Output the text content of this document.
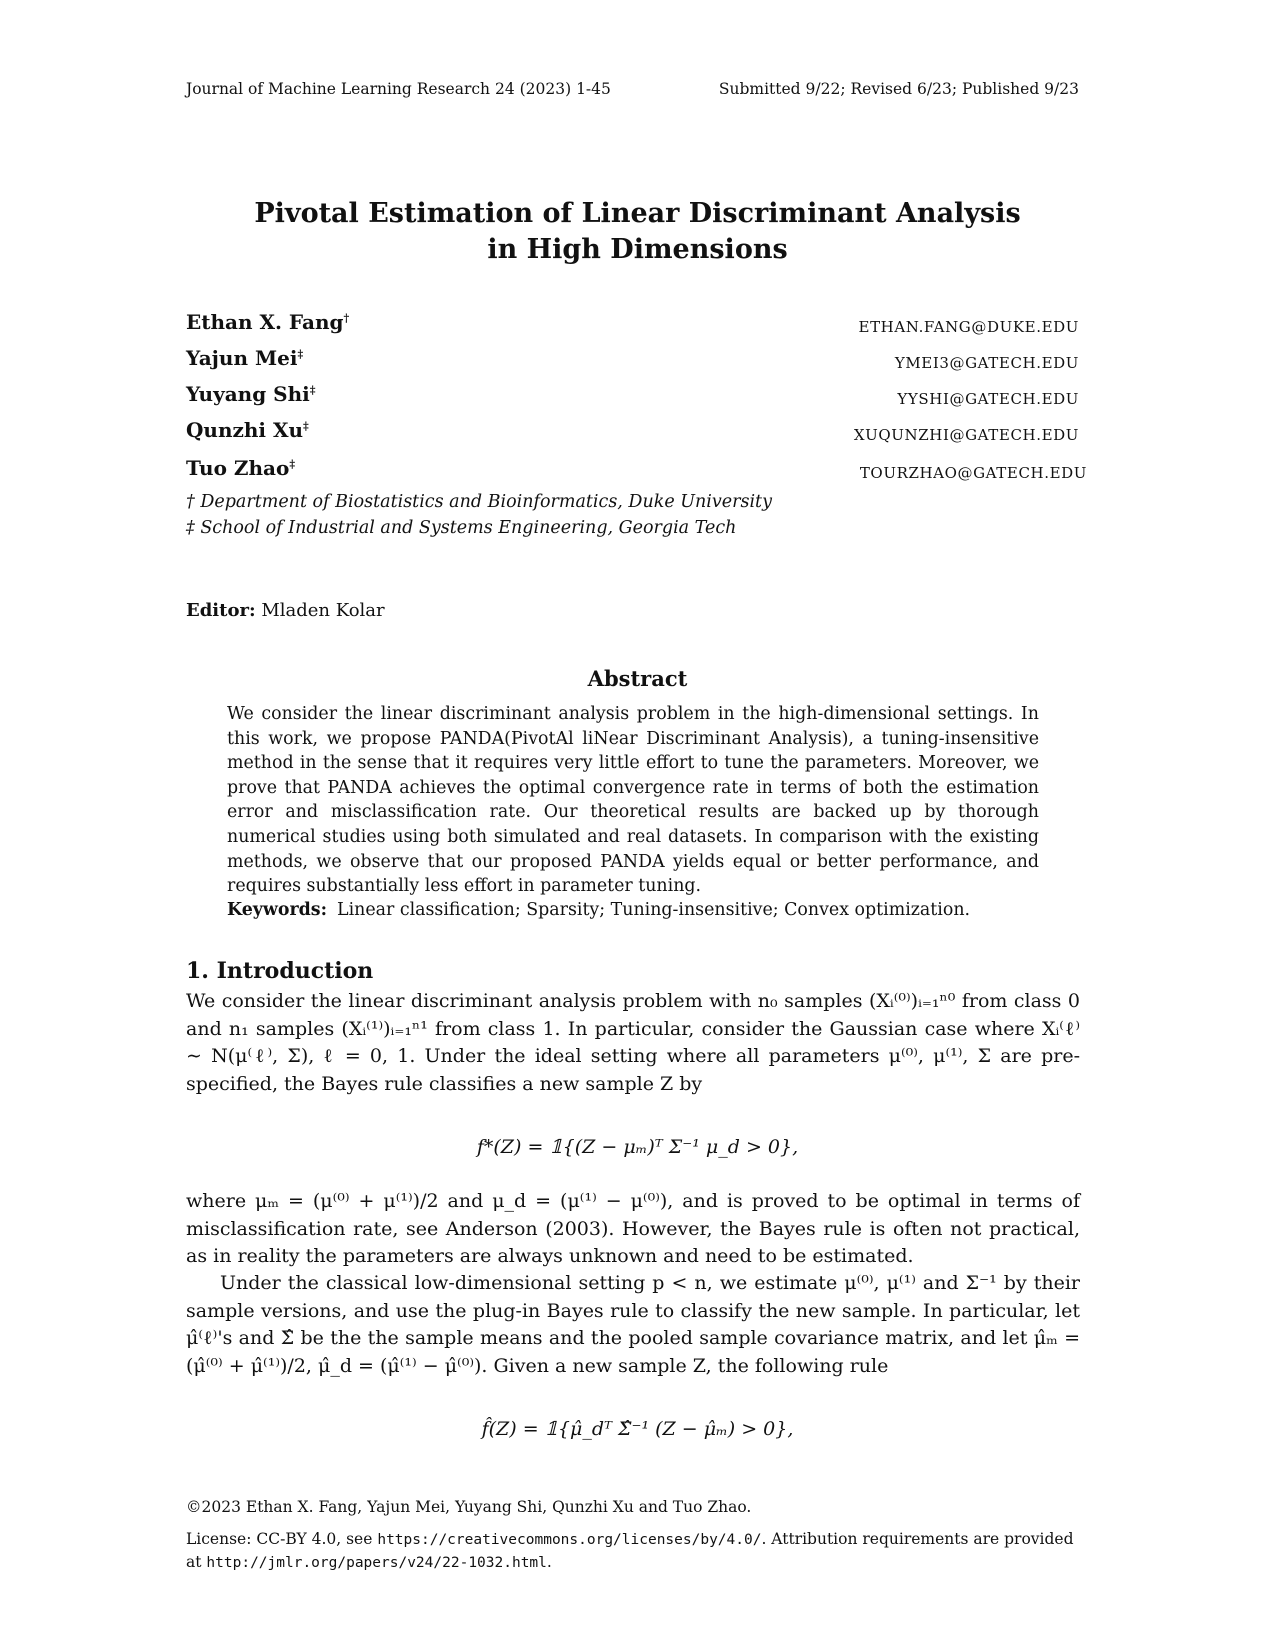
Journal of Machine Learning Research 24 (2023) 1-45	Submitted 9/22; Revised 6/23; Published 9/23
Pivotal Estimation of Linear Discriminant Analysis
in High Dimensions
Ethan X. Fang†
ETHAN.FANG@DUKE.EDU
Yajun Mei‡
YMEI3@GATECH.EDU
Yuyang Shi‡
YYSHI@GATECH.EDU
Qunzhi Xu‡
XUQUNZHI@GATECH.EDU
Tuo Zhao‡
TOURZHAO@GATECH.EDU
† Department of Biostatistics and Bioinformatics, Duke University
‡ School of Industrial and Systems Engineering, Georgia Tech
Editor: Mladen Kolar
Abstract
We consider the linear discriminant analysis problem in the high-dimensional settings. In this work, we propose PANDA(PivotAl liNear Discriminant Analysis), a tuning-insensitive method in the sense that it requires very little effort to tune the parameters. Moreover, we prove that PANDA achieves the optimal convergence rate in terms of both the estimation error and misclassification rate. Our theoretical results are backed up by thorough numerical studies using both simulated and real datasets. In comparison with the existing methods, we observe that our proposed PANDA yields equal or better performance, and requires substantially less effort in parameter tuning.
Keywords: Linear classification; Sparsity; Tuning-insensitive; Convex optimization.
1. Introduction
We consider the linear discriminant analysis problem with n₀ samples (Xᵢ⁽⁰⁾)ᵢ₌₁ⁿ⁰ from class 0 and n₁ samples (Xᵢ⁽¹⁾)ᵢ₌₁ⁿ¹ from class 1. In particular, consider the Gaussian case where Xᵢ⁽ℓ⁾ ∼ N(μ⁽ℓ⁾, Σ), ℓ = 0, 1. Under the ideal setting where all parameters μ⁽⁰⁾, μ⁽¹⁾, Σ are pre-specified, the Bayes rule classifies a new sample Z by
f*(Z) = 𝟙{(Z − μₘ)ᵀ Σ⁻¹ μ_d > 0},
where μₘ = (μ⁽⁰⁾ + μ⁽¹⁾)/2 and μ_d = (μ⁽¹⁾ − μ⁽⁰⁾), and is proved to be optimal in terms of misclassification rate, see Anderson (2003). However, the Bayes rule is often not practical, as in reality the parameters are always unknown and need to be estimated.
Under the classical low-dimensional setting p < n, we estimate μ⁽⁰⁾, μ⁽¹⁾ and Σ⁻¹ by their sample versions, and use the plug-in Bayes rule to classify the new sample. In particular, let μ̂⁽ℓ⁾'s and Σ̂ be the the sample means and the pooled sample covariance matrix, and let μ̂ₘ = (μ̂⁽⁰⁾ + μ̂⁽¹⁾)/2, μ̂_d = (μ̂⁽¹⁾ − μ̂⁽⁰⁾). Given a new sample Z, the following rule
f̂(Z) = 𝟙{μ̂_dᵀ Σ̂⁻¹ (Z − μ̂ₘ) > 0},
©2023 Ethan X. Fang, Yajun Mei, Yuyang Shi, Qunzhi Xu and Tuo Zhao.
License: CC-BY 4.0, see https://creativecommons.org/licenses/by/4.0/. Attribution requirements are provided at http://jmlr.org/papers/v24/22-1032.html.
